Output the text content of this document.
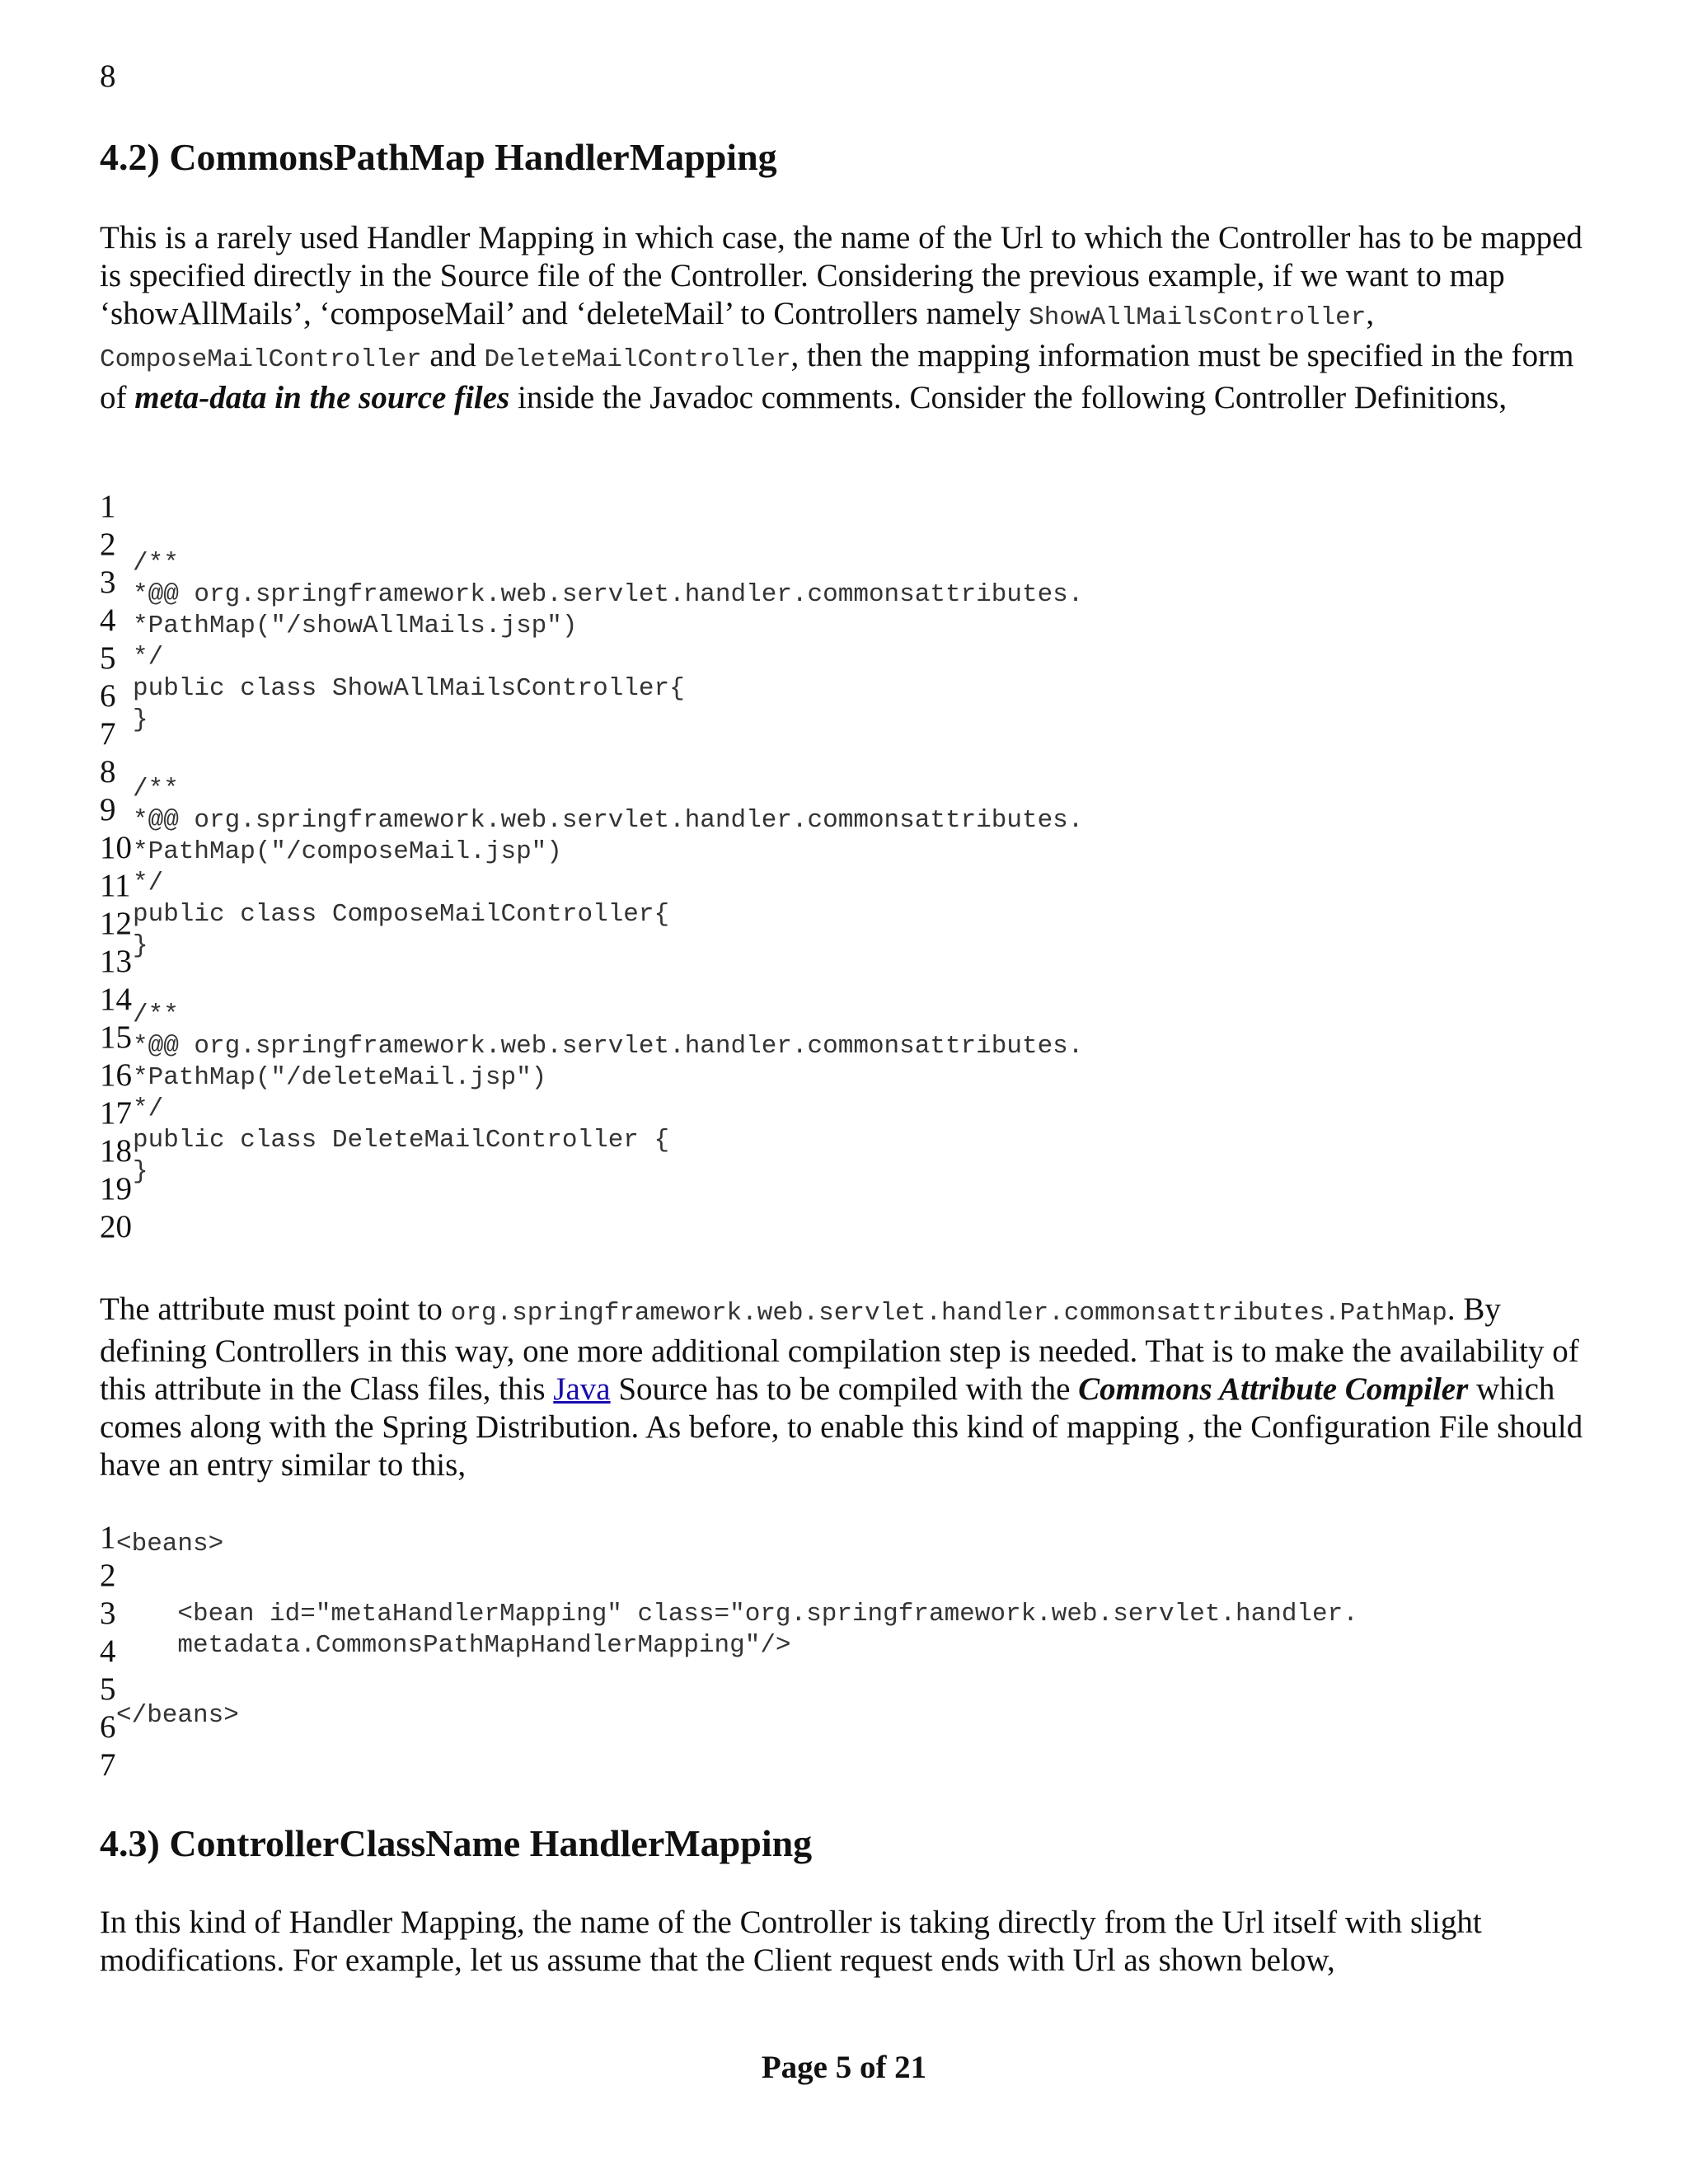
8
4.2) CommonsPathMap HandlerMapping

This is a rarely used Handler Mapping in which case, the name of the Url to which the Controller has to be mapped is specified directly in the Source file of the Controller. Considering the previous example, if we want to map ‘showAllMails’, ‘composeMail’ and ‘deleteMail’ to Controllers namely ShowAllMailsController, ComposeMailController and DeleteMailController, then the mapping information must be specified in the form of meta-data in the source files inside the Javadoc comments. Consider the following Controller Definitions,

1
2
3
4
5
6
7
8
9
10
11
12
13
14
15
16
17
18
19
20
/**
*@@ org.springframework.web.servlet.handler.commonsattributes.
*PathMap("/showAllMails.jsp")
*/
public class ShowAllMailsController{
}
/**
*@@ org.springframework.web.servlet.handler.commonsattributes.
*PathMap("/composeMail.jsp")
*/
public class ComposeMailController{
}
/**
*@@ org.springframework.web.servlet.handler.commonsattributes.
*PathMap("/deleteMail.jsp")
*/
public class DeleteMailController {
}

The attribute must point to org.springframework.web.servlet.handler.commonsattributes.PathMap. By defining Controllers in this way, one more additional compilation step is needed. That is to make the availability of this attribute in the Class files, this Java Source has to be compiled with the Commons Attribute Compiler which comes along with the Spring Distribution. As before, to enable this kind of mapping , the Configuration File should have an entry similar to this,

1
2
3
4
5
6
7
<beans>
<bean id="metaHandlerMapping" class="org.springframework.web.servlet.handler.
metadata.CommonsPathMapHandlerMapping"/>
</beans>
4.3) ControllerClassName HandlerMapping

In this kind of Handler Mapping, the name of the Controller is taking directly from the Url itself with slight modifications. For example, let us assume that the Client request ends with Url as shown below,

Page 5 of 21
